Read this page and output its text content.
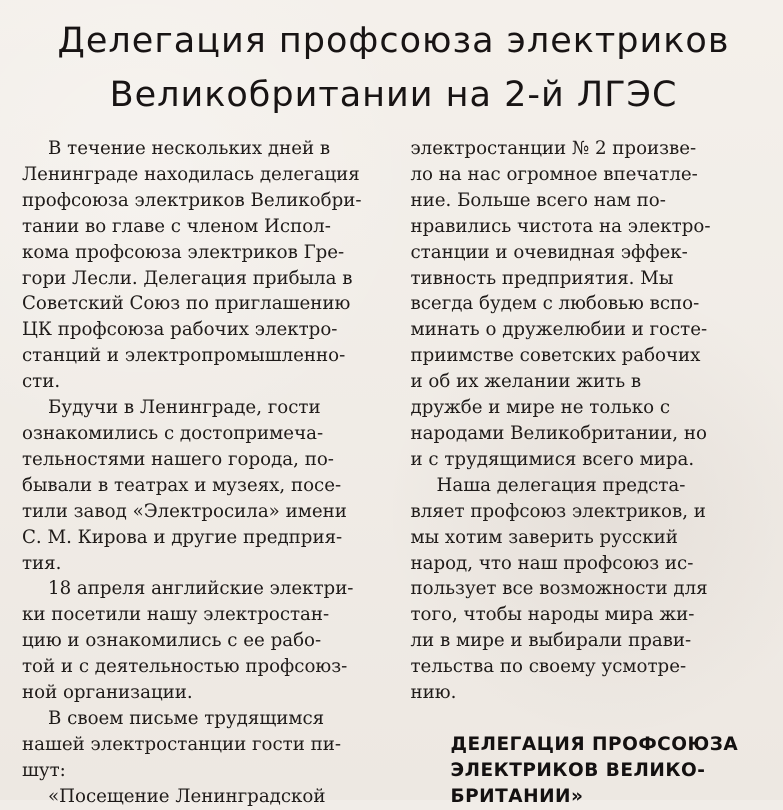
Делегация профсоюза электриков
Великобритании на 2-й ЛГЭС

В течение нескольких дней в
Ленинграде находилась делегация
профсоюза электриков Великобри-
тании во главе с членом Испол-
кома профсоюза электриков Гре-
гори Лесли. Делегация прибыла в
Советский Союз по приглашению
ЦК профсоюза рабочих электро-
станций и электропромышленно-
сти.

Будучи в Ленинграде, гости
ознакомились с достопримеча-
тельностями нашего города, по-
бывали в театрах и музеях, посе-
тили завод «Электросила» имени
С. М. Кирова и другие предприя-
тия.

18 апреля английские электри-
ки посетили нашу электростан-
цию и ознакомились с ее рабо-
той и с деятельностью профсоюз-
ной организации.

В своем письме трудящимся
нашей электростанции гости пи-
шут:

«Посещение Ленинградской

электростанции № 2 произве-
ло на нас огромное впечатле-
ние. Больше всего нам по-
нравились чистота на электро-
станции и очевидная эффек-
тивность предприятия. Мы
всегда будем с любовью вспо-
минать о дружелюбии и госте-
приимстве советских рабочих
и об их желании жить в
дружбе и мире не только с
народами Великобритании, но
и с трудящимися всего мира.

Наша делегация предста-
вляет профсоюз электриков, и
мы хотим заверить русский
народ, что наш профсоюз ис-
пользует все возможности для
того, чтобы народы мира жи-
ли в мире и выбирали прави-
тельства по своему усмотре-
нию.

ДЕЛЕГАЦИЯ ПРОФСОЮЗА
ЭЛЕКТРИКОВ ВЕЛИКО-
БРИТАНИИ»
